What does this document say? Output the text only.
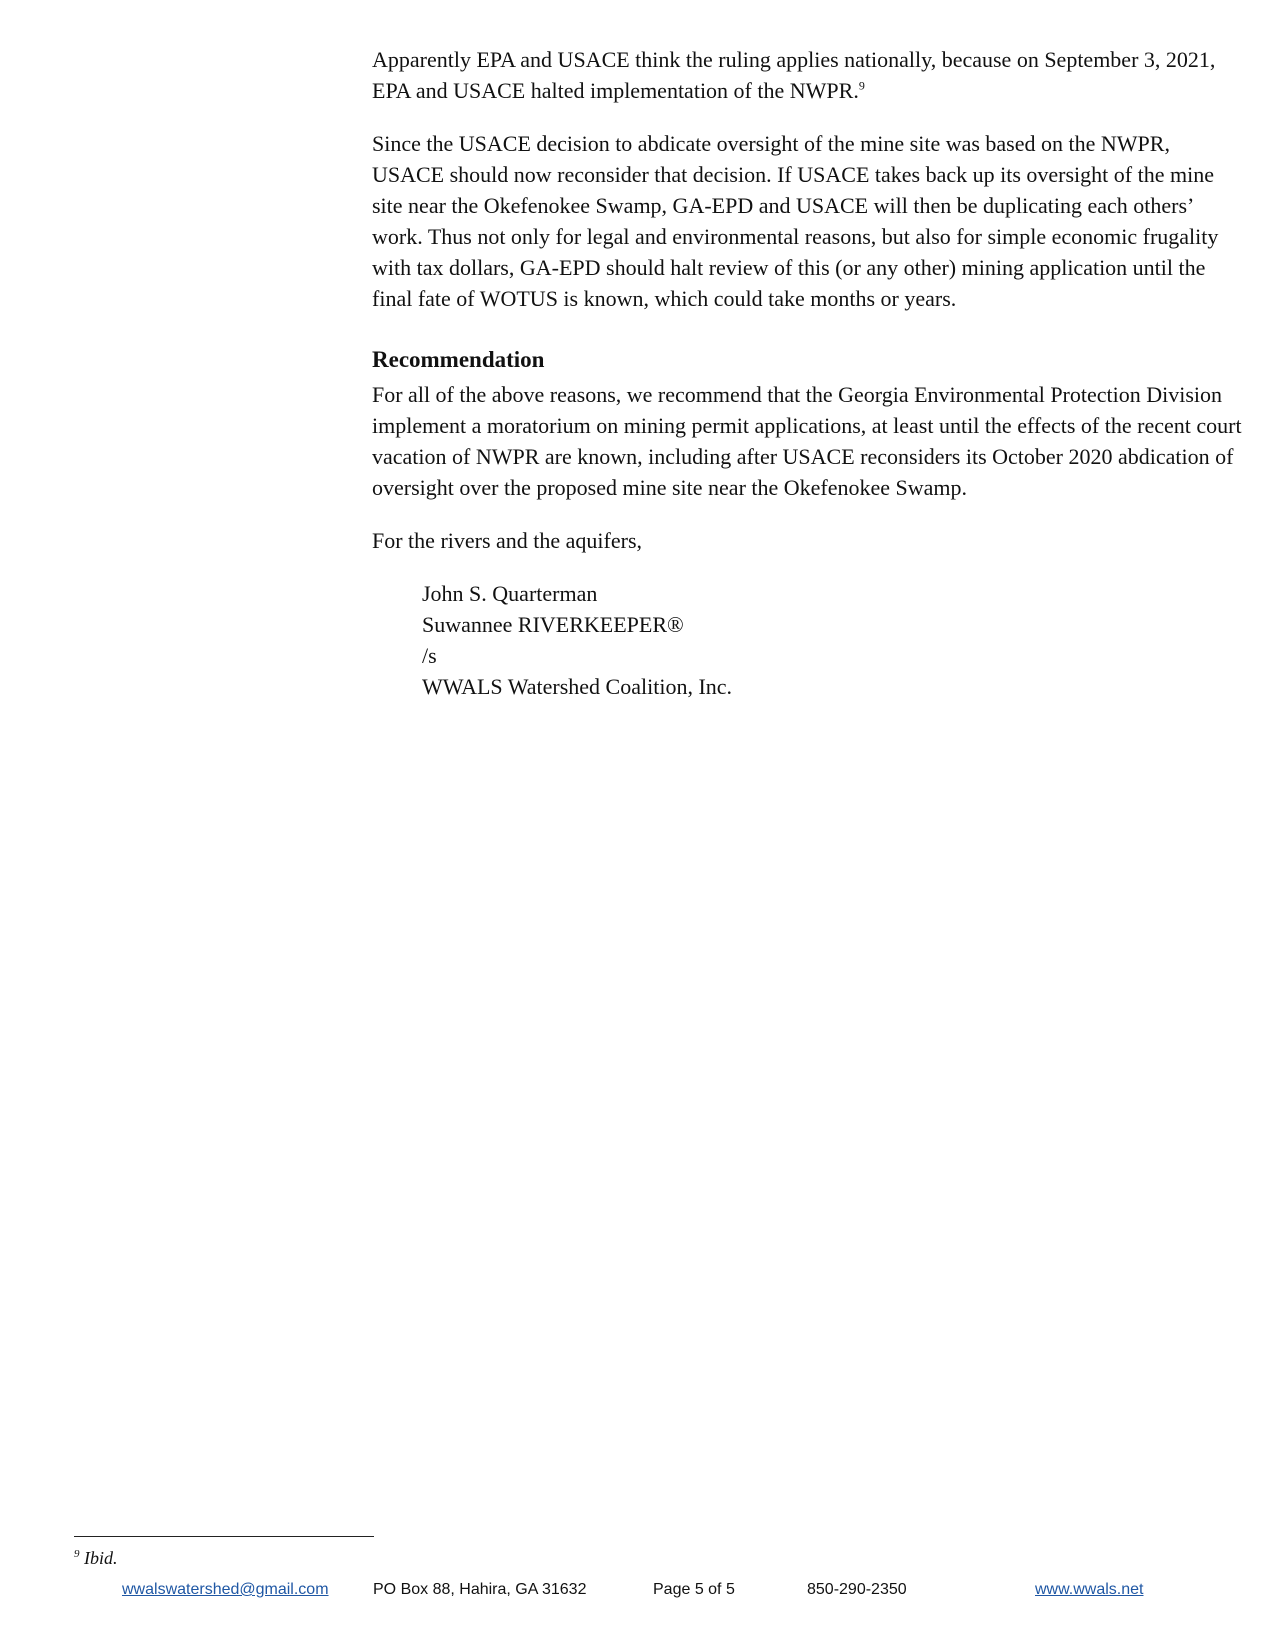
Apparently EPA and USACE think the ruling applies nationally, because on September 3, 2021, EPA and USACE halted implementation of the NWPR.$^9$

Since the USACE decision to abdicate oversight of the mine site was based on the NWPR, USACE should now reconsider that decision. If USACE takes back up its oversight of the mine site near the Okefenokee Swamp, GA-EPD and USACE will then be duplicating each others’ work. Thus not only for legal and environmental reasons, but also for simple economic frugality with tax dollars, GA-EPD should halt review of this (or any other) mining application until the final fate of WOTUS is known, which could take months or years.

Recommendation

For all of the above reasons, we recommend that the Georgia Environmental Protection Division implement a moratorium on mining permit applications, at least until the effects of the recent court vacation of NWPR are known, including after USACE reconsiders its October 2020 abdication of oversight over the proposed mine site near the Okefenokee Swamp.

For the rivers and the aquifers,

John S. Quarterman
Suwannee RIVERKEEPER®
/s
WWALS Watershed Coalition, Inc.
$^9$ Ibid.
wwalswatershed@gmail.com	PO Box 88, Hahira, GA 31632	Page 5 of 5	850-290-2350	www.wwals.net
